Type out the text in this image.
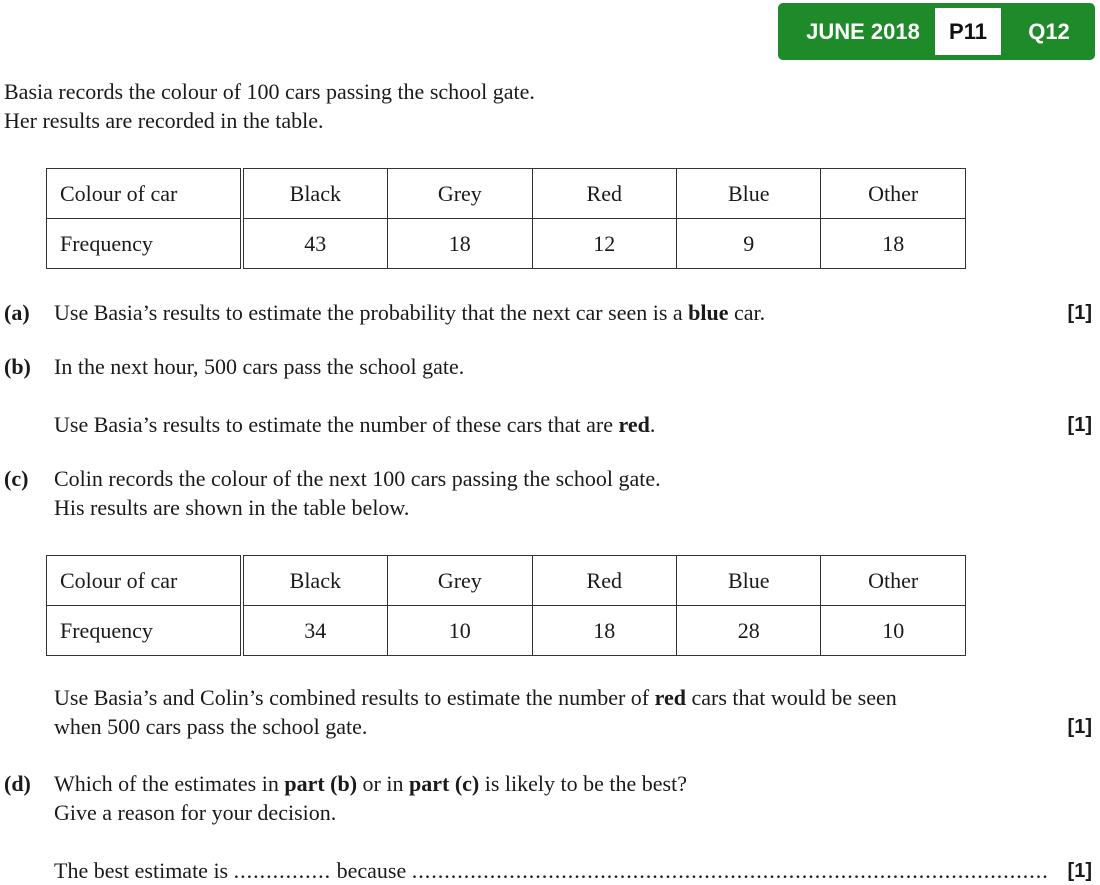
JUNE 2018	P11	Q12
Basia records the colour of 100 cars passing the school gate.
Her results are recorded in the table.
Colour of car	Black	Grey	Red	Blue	Other
Frequency	43	18	12	9	18
(a) Use Basia’s results to estimate the probability that the next car seen is a blue car.	[1]
(b) In the next hour, 500 cars pass the school gate.
Use Basia’s results to estimate the number of these cars that are red.	[1]
(c) Colin records the colour of the next 100 cars passing the school gate.
His results are shown in the table below.
Colour of car	Black	Grey	Red	Blue	Other
Frequency	34	10	18	28	10
Use Basia’s and Colin’s combined results to estimate the number of red cars that would be seen
when 500 cars pass the school gate.	[1]
(d) Which of the estimates in part (b) or in part (c) is likely to be the best?
Give a reason for your decision.
The best estimate is ............... because .................................................................................................. [1]
